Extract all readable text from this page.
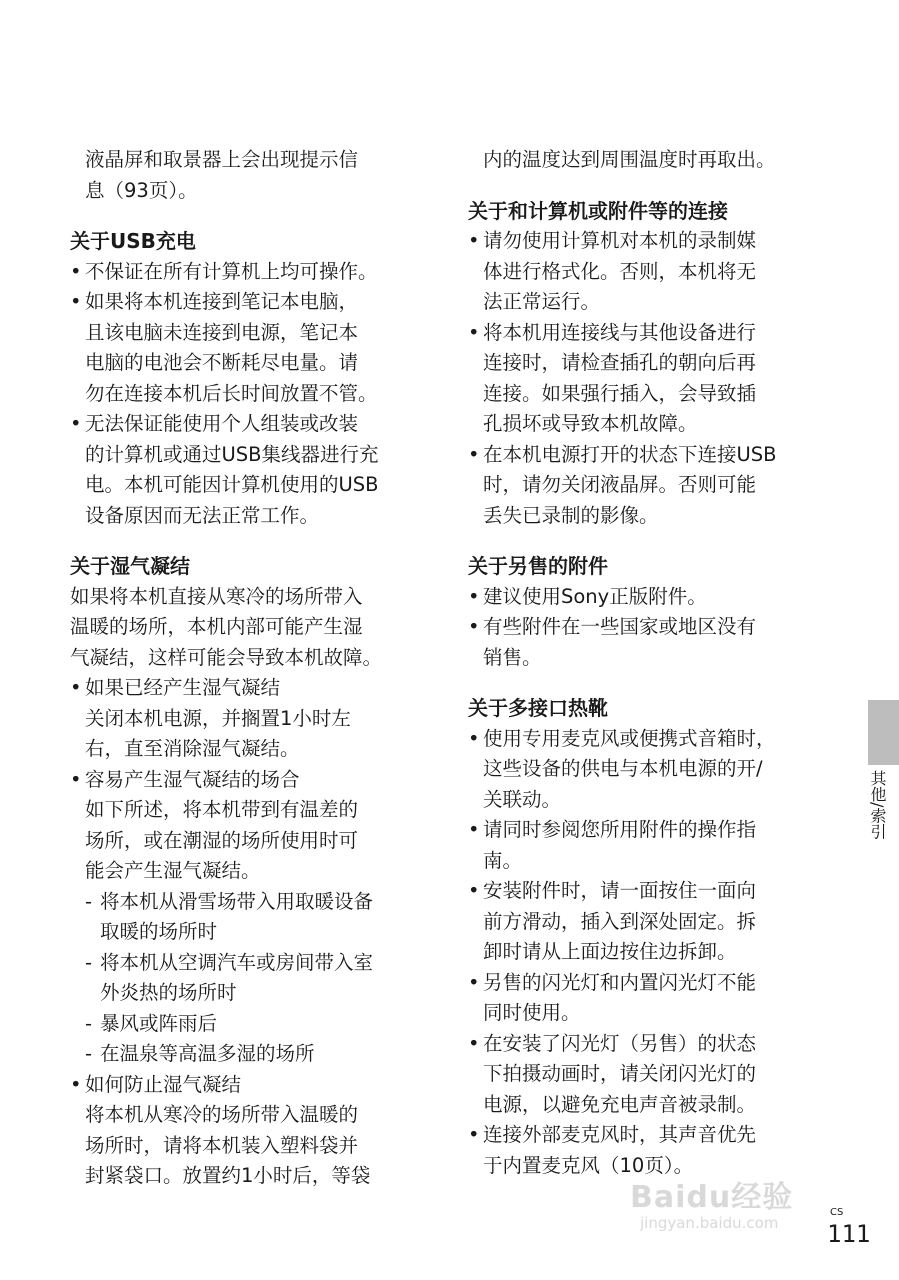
液晶屏和取景器上会出现提示信
息（93页）。
关于USB充电
• 不保证在所有计算机上均可操作。
• 如果将本机连接到笔记本电脑，
且该电脑未连接到电源，笔记本
电脑的电池会不断耗尽电量。请
勿在连接本机后长时间放置不管。
• 无法保证能使用个人组装或改装
的计算机或通过USB集线器进行充
电。本机可能因计算机使用的USB
设备原因而无法正常工作。
关于湿气凝结
如果将本机直接从寒冷的场所带入
温暖的场所，本机内部可能产生湿
气凝结，这样可能会导致本机故障。
• 如果已经产生湿气凝结
关闭本机电源，并搁置1小时左
右，直至消除湿气凝结。
• 容易产生湿气凝结的场合
如下所述，将本机带到有温差的
场所，或在潮湿的场所使用时可
能会产生湿气凝结。
- 将本机从滑雪场带入用取暖设备
取暖的场所时
- 将本机从空调汽车或房间带入室
外炎热的场所时
- 暴风或阵雨后
- 在温泉等高温多湿的场所
• 如何防止湿气凝结
将本机从寒冷的场所带入温暖的
场所时，请将本机装入塑料袋并
封紧袋口。放置约1小时后，等袋
内的温度达到周围温度时再取出。
关于和计算机或附件等的连接
• 请勿使用计算机对本机的录制媒
体进行格式化。否则，本机将无
法正常运行。
• 将本机用连接线与其他设备进行
连接时，请检查插孔的朝向后再
连接。如果强行插入，会导致插
孔损坏或导致本机故障。
• 在本机电源打开的状态下连接USB
时，请勿关闭液晶屏。否则可能
丢失已录制的影像。
关于另售的附件
• 建议使用Sony正版附件。
• 有些附件在一些国家或地区没有
销售。
关于多接口热靴
• 使用专用麦克风或便携式音箱时，
这些设备的供电与本机电源的开/
关联动。
• 请同时参阅您所用附件的操作指
南。
• 安装附件时，请一面按住一面向
前方滑动，插入到深处固定。拆
卸时请从上面边按住边拆卸。
• 另售的闪光灯和内置闪光灯不能
同时使用。
• 在安装了闪光灯（另售）的状态
下拍摄动画时，请关闭闪光灯的
电源，以避免充电声音被录制。
• 连接外部麦克风时，其声音优先
于内置麦克风（10页）。
其他/索引
CS
111
Baidu经验
jingyan.baidu.com
